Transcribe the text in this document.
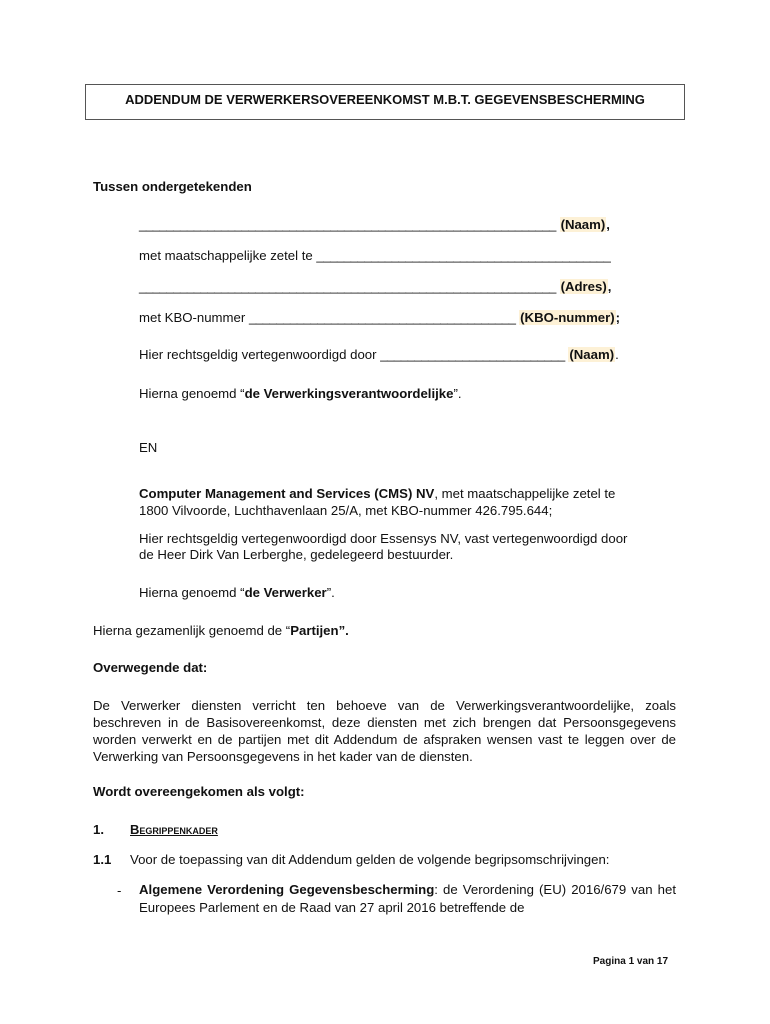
ADDENDUM DE VERWERKERSOVEREENKOMST M.B.T. GEGEVENSBESCHERMING

Tussen ondergetekenden

_____________________________________________________________ (Naam),

met maatschappelijke zetel te ___________________________________________

_____________________________________________________________ (Adres),

met KBO-nummer _______________________________________ (KBO-nummer);

Hier rechtsgeldig vertegenwoordigd door ___________________________ (Naam).

Hierna genoemd “de Verwerkingsverantwoordelijke”.

EN

Computer Management and Services (CMS) NV, met maatschappelijke zetel te
1800 Vilvoorde, Luchthavenlaan 25/A, met KBO-nummer 426.795.644;

Hier rechtsgeldig vertegenwoordigd door Essensys NV, vast vertegenwoordigd door
de Heer Dirk Van Lerberghe, gedelegeerd bestuurder.

Hierna genoemd “de Verwerker”.

Hierna gezamenlijk genoemd de “Partijen”.

Overwegende dat:

De Verwerker diensten verricht ten behoeve van de Verwerkingsverantwoordelijke, zoals beschreven in de Basisovereenkomst, deze diensten met zich brengen dat Persoonsgegevens worden verwerkt en de partijen met dit Addendum de afspraken wensen vast te leggen over de Verwerking van Persoonsgegevens in het kader van de diensten.

Wordt overeengekomen als volgt:

1. Begrippenkader

1.1 Voor de toepassing van dit Addendum gelden de volgende begripsomschrijvingen:

- Algemene Verordening Gegevensbescherming: de Verordening (EU) 2016/679 van het Europees Parlement en de Raad van 27 april 2016 betreffende de

Pagina 1 van 17
